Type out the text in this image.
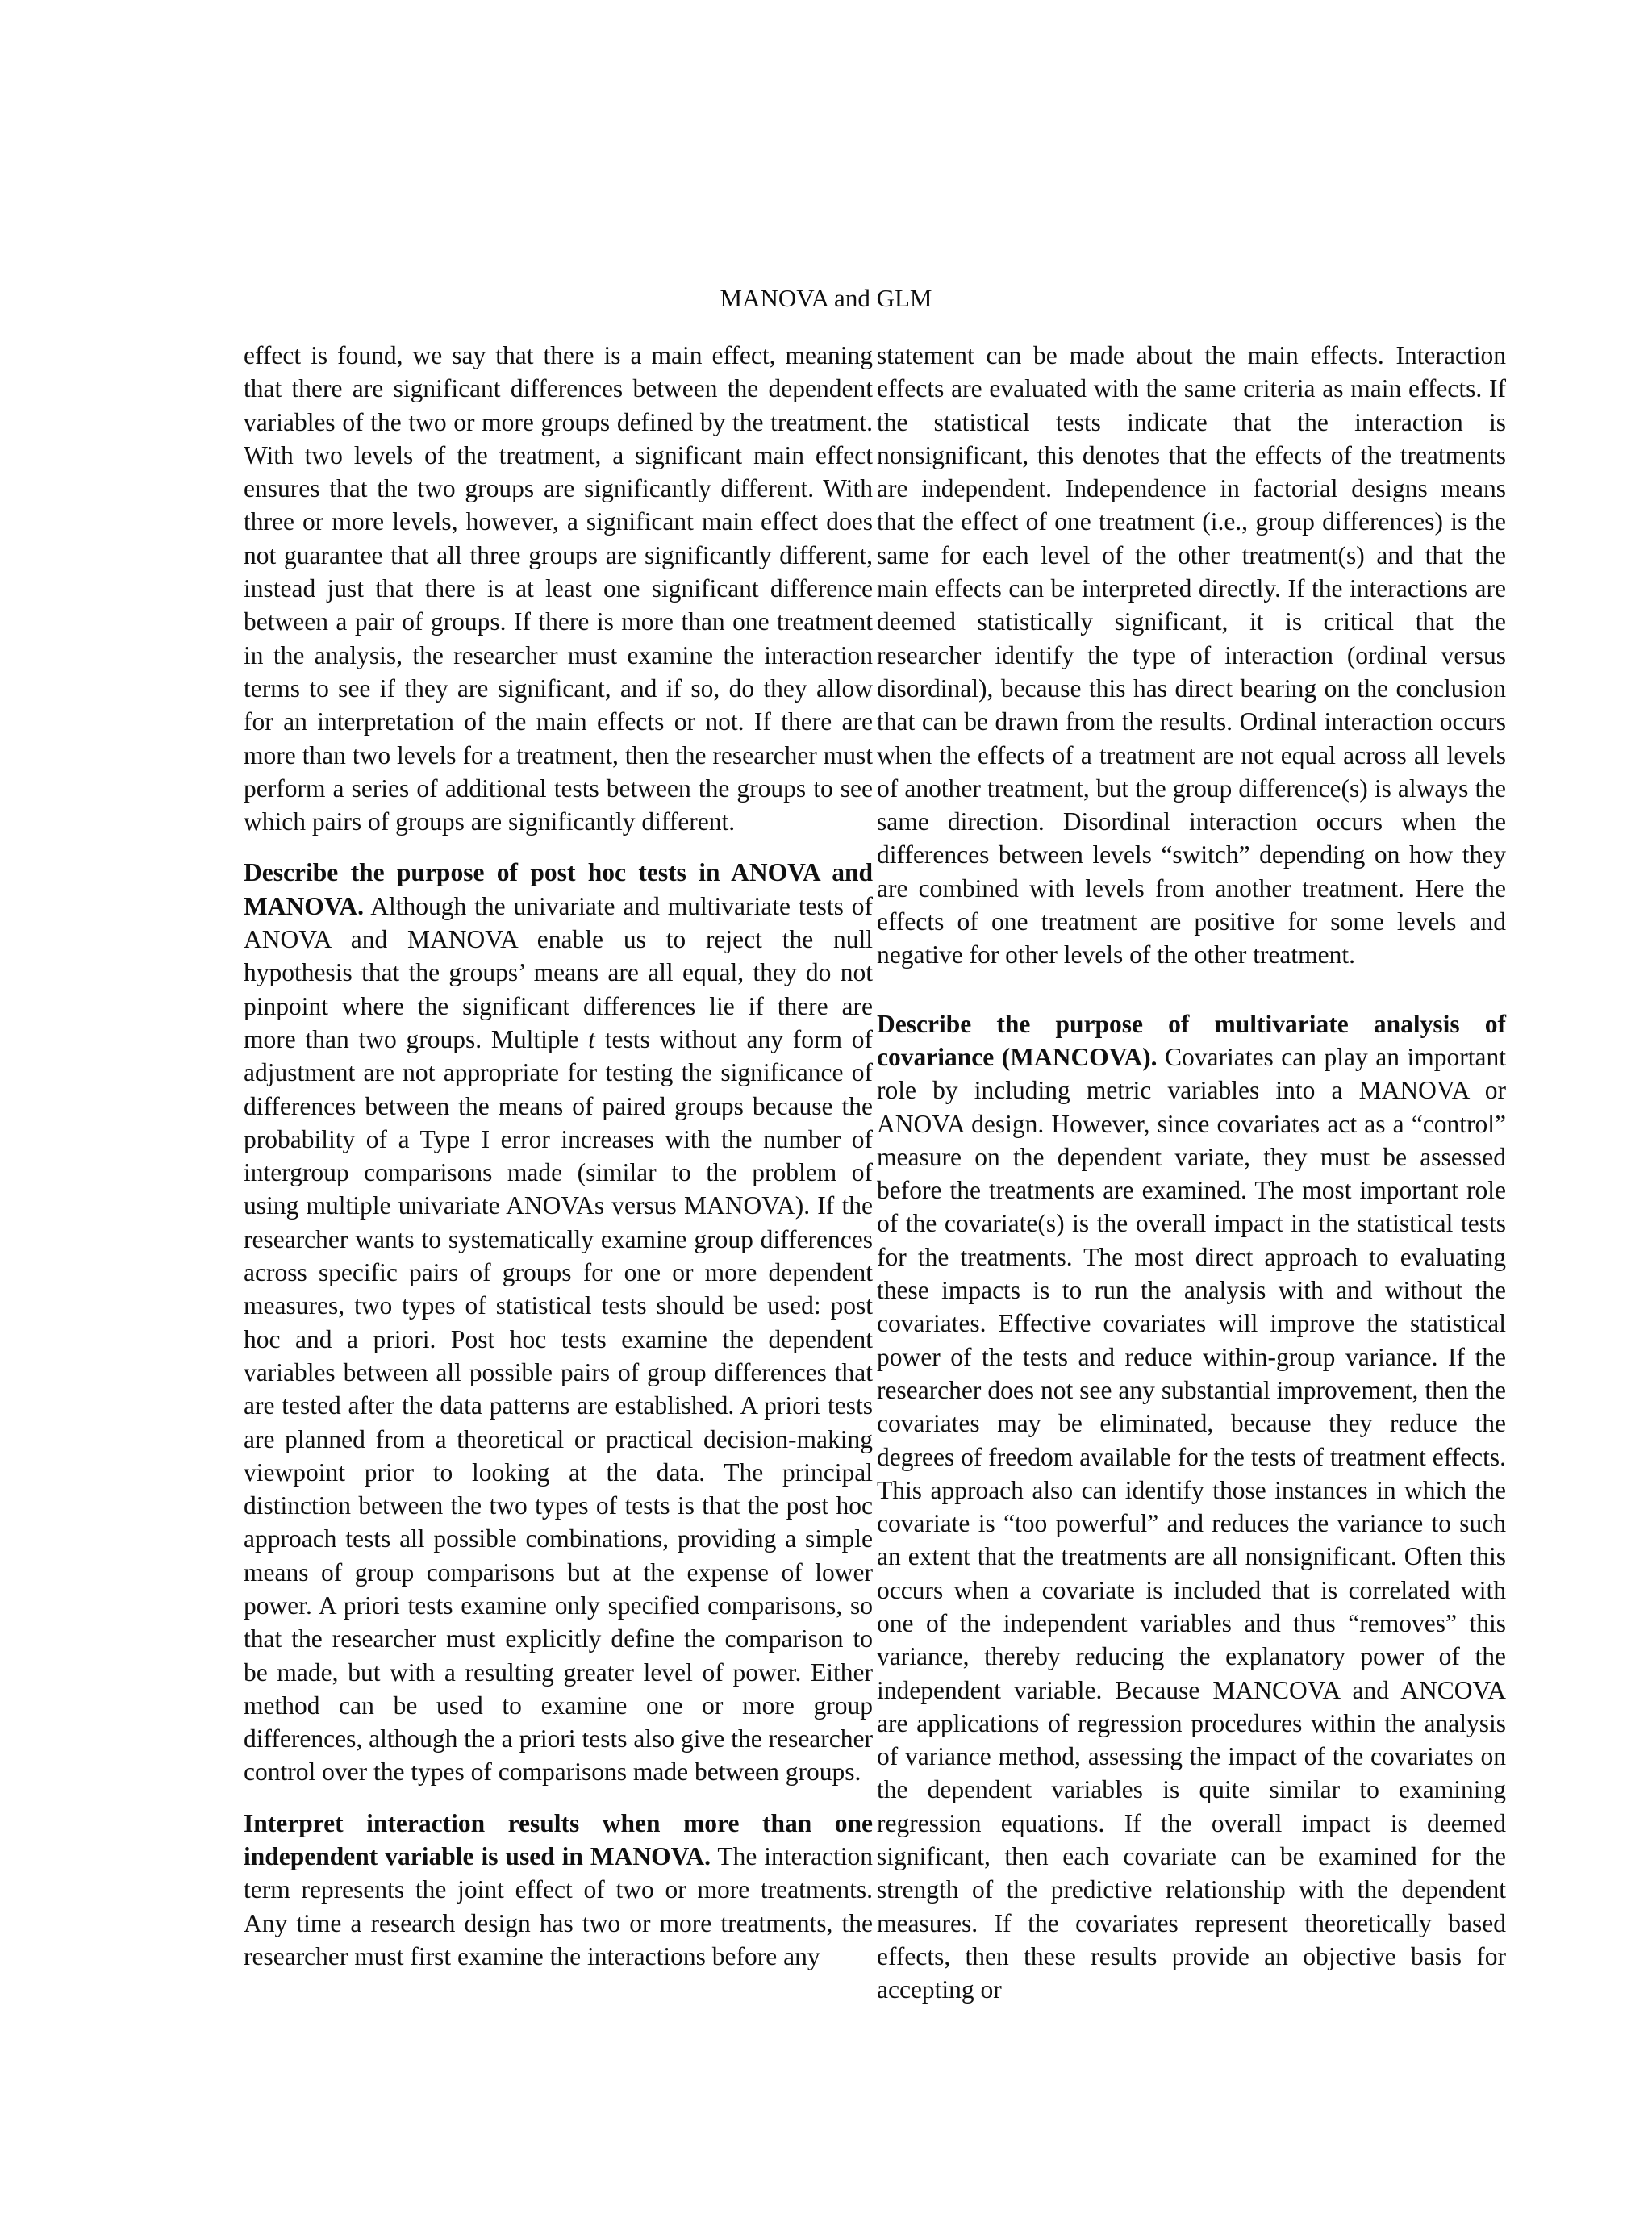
MANOVA and GLM

effect is found, we say that there is a main effect, meaning that there are significant differences between the dependent variables of the two or more groups defined by the treatment. With two levels of the treatment, a significant main effect ensures that the two groups are significantly different. With three or more levels, however, a significant main effect does not guarantee that all three groups are significantly different, instead just that there is at least one significant difference between a pair of groups. If there is more than one treatment in the analysis, the researcher must examine the interaction terms to see if they are significant, and if so, do they allow for an interpretation of the main effects or not. If there are more than two levels for a treatment, then the researcher must perform a series of additional tests between the groups to see which pairs of groups are significantly different.

Describe the purpose of post hoc tests in ANOVA and MANOVA. Although the univariate and multivariate tests of ANOVA and MANOVA enable us to reject the null hypothesis that the groups’ means are all equal, they do not pinpoint where the significant differences lie if there are more than two groups. Multiple t tests without any form of adjustment are not appropriate for testing the significance of differences between the means of paired groups because the probability of a Type I error increases with the number of intergroup comparisons made (similar to the problem of using multiple univariate ANOVAs versus MANOVA). If the researcher wants to systematically examine group differences across specific pairs of groups for one or more dependent measures, two types of statistical tests should be used: post hoc and a priori. Post hoc tests examine the dependent variables between all possible pairs of group differences that are tested after the data patterns are established. A priori tests are planned from a theoretical or practical decision-making viewpoint prior to looking at the data. The principal distinction between the two types of tests is that the post hoc approach tests all possible combinations, providing a simple means of group comparisons but at the expense of lower power. A priori tests examine only specified comparisons, so that the researcher must explicitly define the comparison to be made, but with a resulting greater level of power. Either method can be used to examine one or more group differences, although the a priori tests also give the researcher control over the types of comparisons made between groups.

Interpret interaction results when more than one independent variable is used in MANOVA. The interaction term represents the joint effect of two or more treatments. Any time a research design has two or more treatments, the researcher must first examine the interactions before any

statement can be made about the main effects. Interaction effects are evaluated with the same criteria as main effects. If the statistical tests indicate that the interaction is nonsignificant, this denotes that the effects of the treatments are independent. Independence in factorial designs means that the effect of one treatment (i.e., group differences) is the same for each level of the other treatment(s) and that the main effects can be interpreted directly. If the interactions are deemed statistically significant, it is critical that the researcher identify the type of interaction (ordinal versus disordinal), because this has direct bearing on the conclusion that can be drawn from the results. Ordinal interaction occurs when the effects of a treatment are not equal across all levels of another treatment, but the group difference(s) is always the same direction. Disordinal interaction occurs when the differences between levels “switch” depending on how they are combined with levels from another treatment. Here the effects of one treatment are positive for some levels and negative for other levels of the other treatment.

Describe the purpose of multivariate analysis of covariance (MANCOVA). Covariates can play an important role by including metric variables into a MANOVA or ANOVA design. However, since covariates act as a “control” measure on the dependent variate, they must be assessed before the treatments are examined. The most important role of the covariate(s) is the overall impact in the statistical tests for the treatments. The most direct approach to evaluating these impacts is to run the analysis with and without the covariates. Effective covariates will improve the statistical power of the tests and reduce within-group variance. If the researcher does not see any substantial improvement, then the covariates may be eliminated, because they reduce the degrees of freedom available for the tests of treatment effects. This approach also can identify those instances in which the covariate is “too powerful” and reduces the variance to such an extent that the treatments are all nonsignificant. Often this occurs when a covariate is included that is correlated with one of the independent variables and thus “removes” this variance, thereby reducing the explanatory power of the independent variable. Because MANCOVA and ANCOVA are applications of regression procedures within the analysis of variance method, assessing the impact of the covariates on the dependent variables is quite similar to examining regression equations. If the overall impact is deemed significant, then each covariate can be examined for the strength of the predictive relationship with the dependent measures. If the covariates represent theoretically based effects, then these results provide an objective basis for accepting or
